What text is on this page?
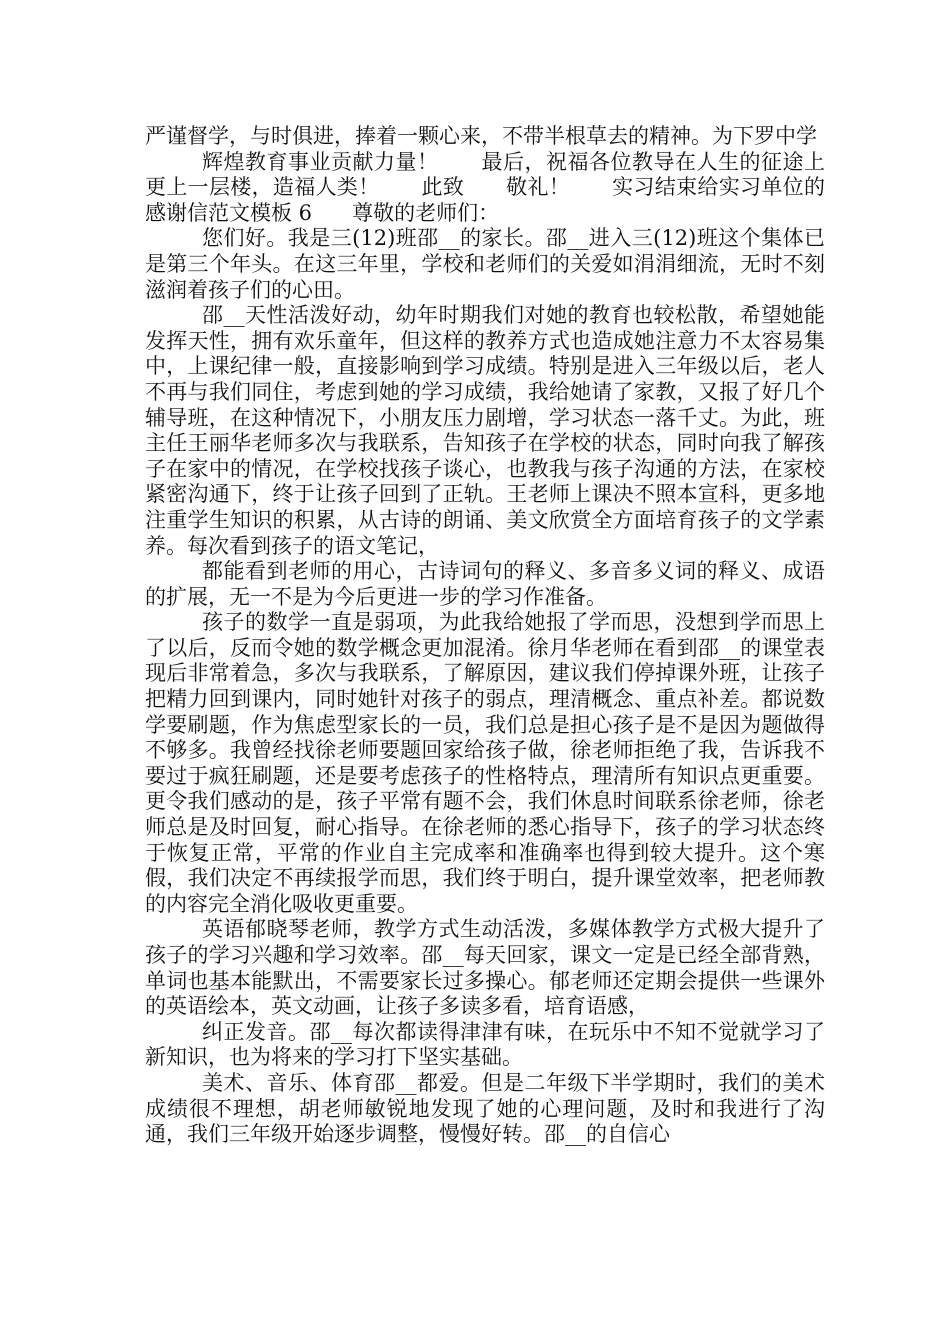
严谨督学，与时俱进，捧着一颗心来，不带半根草去的精神。为下罗中学

辉煌教育事业贡献力量！      最后，祝福各位教导在人生的征途上更上一层楼，造福人类！      此致      敬礼！      实习结束给实习单位的感谢信范文模板 6      尊敬的老师们：

您们好。我是三(12)班邵__的家长。邵__进入三(12)班这个集体已是第三个年头。在这三年里，学校和老师们的关爱如涓涓细流，无时不刻滋润着孩子们的心田。

邵__天性活泼好动，幼年时期我们对她的教育也较松散，希望她能发挥天性，拥有欢乐童年，但这样的教养方式也造成她注意力不太容易集中，上课纪律一般，直接影响到学习成绩。特别是进入三年级以后，老人不再与我们同住，考虑到她的学习成绩，我给她请了家教，又报了好几个辅导班，在这种情况下，小朋友压力剧增，学习状态一落千丈。为此，班主任王丽华老师多次与我联系，告知孩子在学校的状态，同时向我了解孩子在家中的情况，在学校找孩子谈心，也教我与孩子沟通的方法，在家校紧密沟通下，终于让孩子回到了正轨。王老师上课决不照本宣科，更多地注重学生知识的积累，从古诗的朗诵、美文欣赏全方面培育孩子的文学素养。每次看到孩子的语文笔记，

都能看到老师的用心，古诗词句的释义、多音多义词的释义、成语的扩展，无一不是为今后更进一步的学习作准备。

孩子的数学一直是弱项，为此我给她报了学而思，没想到学而思上了以后，反而令她的数学概念更加混淆。徐月华老师在看到邵__的课堂表现后非常着急，多次与我联系，了解原因，建议我们停掉课外班，让孩子把精力回到课内，同时她针对孩子的弱点，理清概念、重点补差。都说数学要刷题，作为焦虑型家长的一员，我们总是担心孩子是不是因为题做得不够多。我曾经找徐老师要题回家给孩子做，徐老师拒绝了我，告诉我不要过于疯狂刷题，还是要考虑孩子的性格特点，理清所有知识点更重要。更令我们感动的是，孩子平常有题不会，我们休息时间联系徐老师，徐老师总是及时回复，耐心指导。在徐老师的悉心指导下，孩子的学习状态终于恢复正常，平常的作业自主完成率和准确率也得到较大提升。这个寒假，我们决定不再续报学而思，我们终于明白，提升课堂效率，把老师教的内容完全消化吸收更重要。

英语郁晓琴老师，教学方式生动活泼，多媒体教学方式极大提升了孩子的学习兴趣和学习效率。邵__每天回家，课文一定是已经全部背熟，单词也基本能默出，不需要家长过多操心。郁老师还定期会提供一些课外的英语绘本，英文动画，让孩子多读多看，培育语感，

纠正发音。邵__每次都读得津津有味，在玩乐中不知不觉就学习了新知识，也为将来的学习打下坚实基础。

美术、音乐、体育邵__都爱。但是二年级下半学期时，我们的美术成绩很不理想，胡老师敏锐地发现了她的心理问题，及时和我进行了沟通，我们三年级开始逐步调整，慢慢好转。邵__的自信心
